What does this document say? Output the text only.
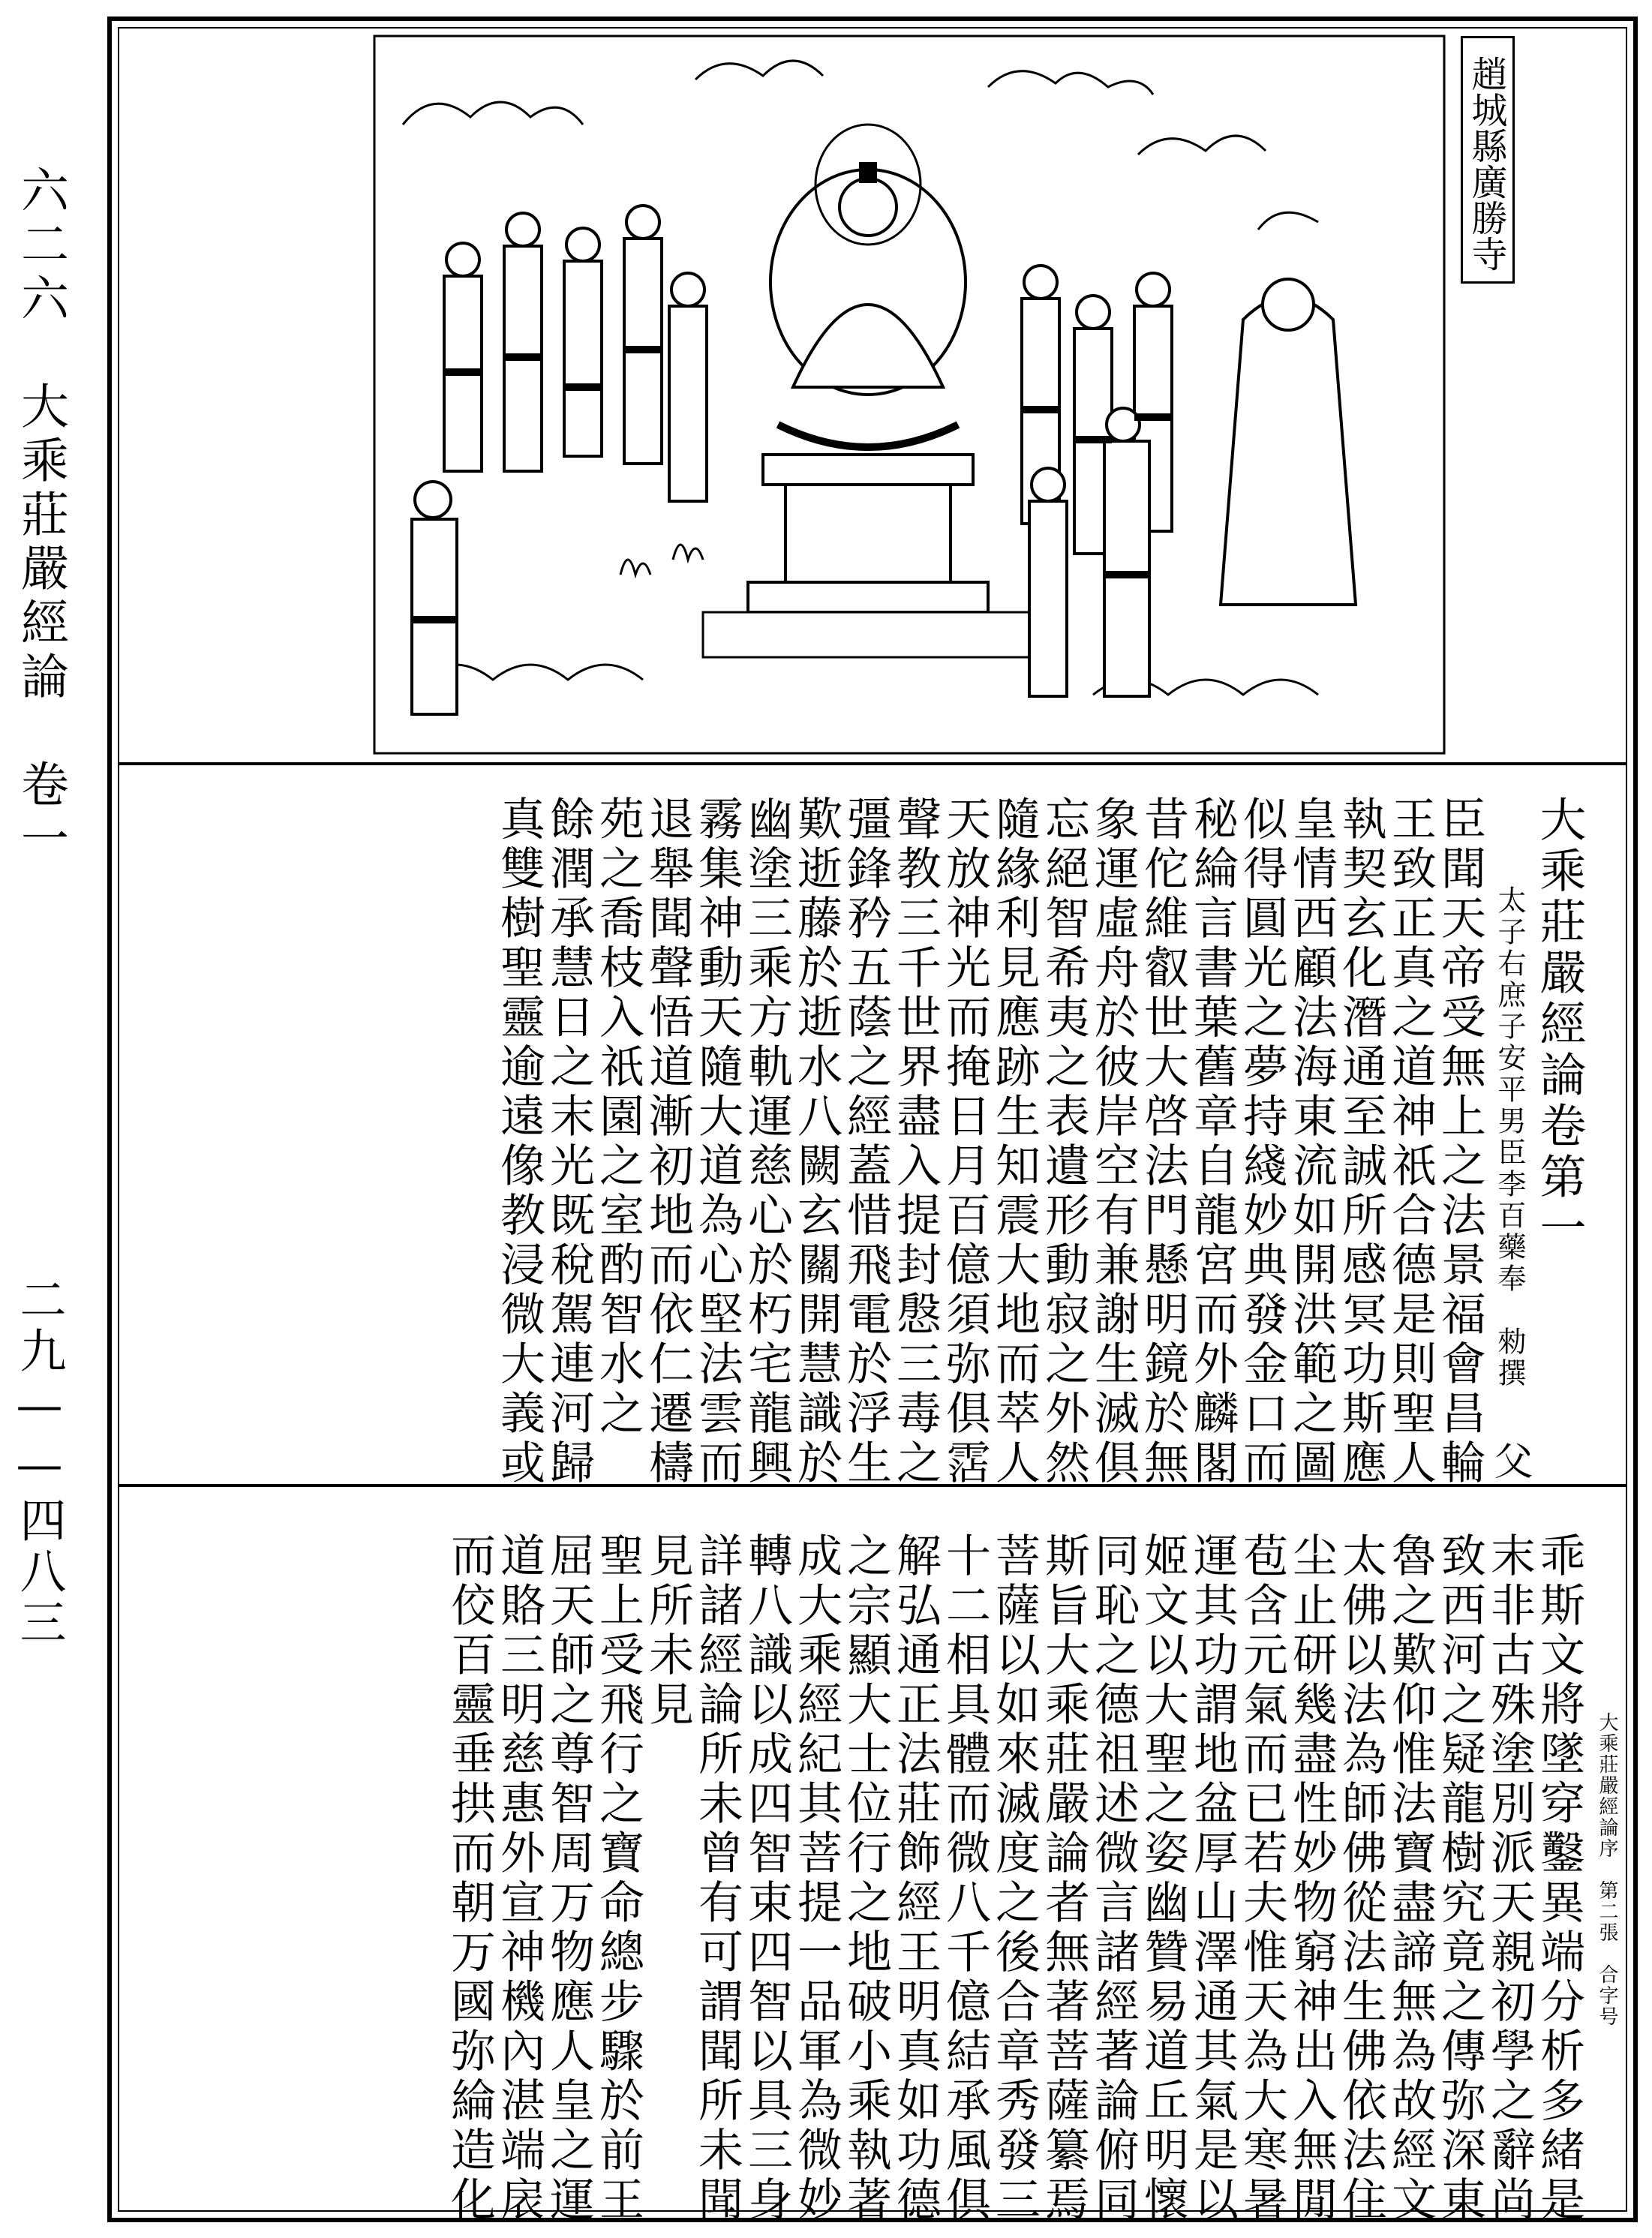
六二六　大乘莊嚴經論　卷一
二九——四八三
趙城縣廣勝寺
大乘莊嚴經論卷第一
太子右庶子安平男臣李百藥奉　勑撰 父
臣聞天帝受無上之法景福會昌輪
王致正真之道神祇合德是則聖人
執契玄化潛通至誠所感冥功斯應
皇情西顧法海東流如開洪範之圖
似得圓光之夢持綫妙典發金口而
秘綸言書葉舊章自龍宮而外麟閣
昔佗維叡世大啓法門懸明鏡於無
象運虛舟於彼岸空有兼謝生滅俱
忘絕智希夷之表遺形動寂之外然
隨緣利見應跡生知震大地而萃人
天放神光而掩日月百億須弥俱霑
聲教三千世界盡入提封慇三毒之
彊鋒矜五蔭之經蓋惜飛電於浮生
歎逝藤於逝水八闕玄關開慧識於
幽塗三乘方軌運慈心於朽宅龍興
霧集神動天隨大道為心堅法雲而
退舉聞聲悟道漸初地而依仁遷檮
苑之喬枝入祇園之室酌智水之
餘潤承慧日之末光既稅駕連河歸
真雙樹聖靈逾遠像教浸微大義或
乖斯文將墜穿鑿異端分析多緒是
末非古殊塗別派天親初學之辭尚
致西河之疑龍樹究竟之傳弥深東
魯之歎仰惟法寶盡諦無為故經文
太佛以法為師佛從法生佛依法住
尘止研幾盡性妙物窮神出入無閒
苞含元氣而已若夫惟天為大寒暑
運其功謂地盆厚山澤通其氣是以
姬文以大聖之姿幽贊易道丘明懷
同恥之德祖述微言諸經著論俯同
斯旨大乘莊嚴論者無著菩薩纂焉
菩薩以如來滅度之後合章秀發三
十二相具體而微八千億結承風俱
解弘通正法莊飾經王明真如功德
之宗顯大士位行之地破小乘執著
成大乘經紀其菩提一品軍為微妙
轉八識以成四智束四智以具三身
詳諸經論所未曾有可謂聞所未聞
見所未見
聖上受飛行之寶命總步驟於前王
屈天師之尊智周万物應人皇之運
道賂三明慈惠外宣神機內湛端扆
而佼百靈垂拱而朝万國弥綸造化	大乘莊嚴經論序　第二張　合字号
